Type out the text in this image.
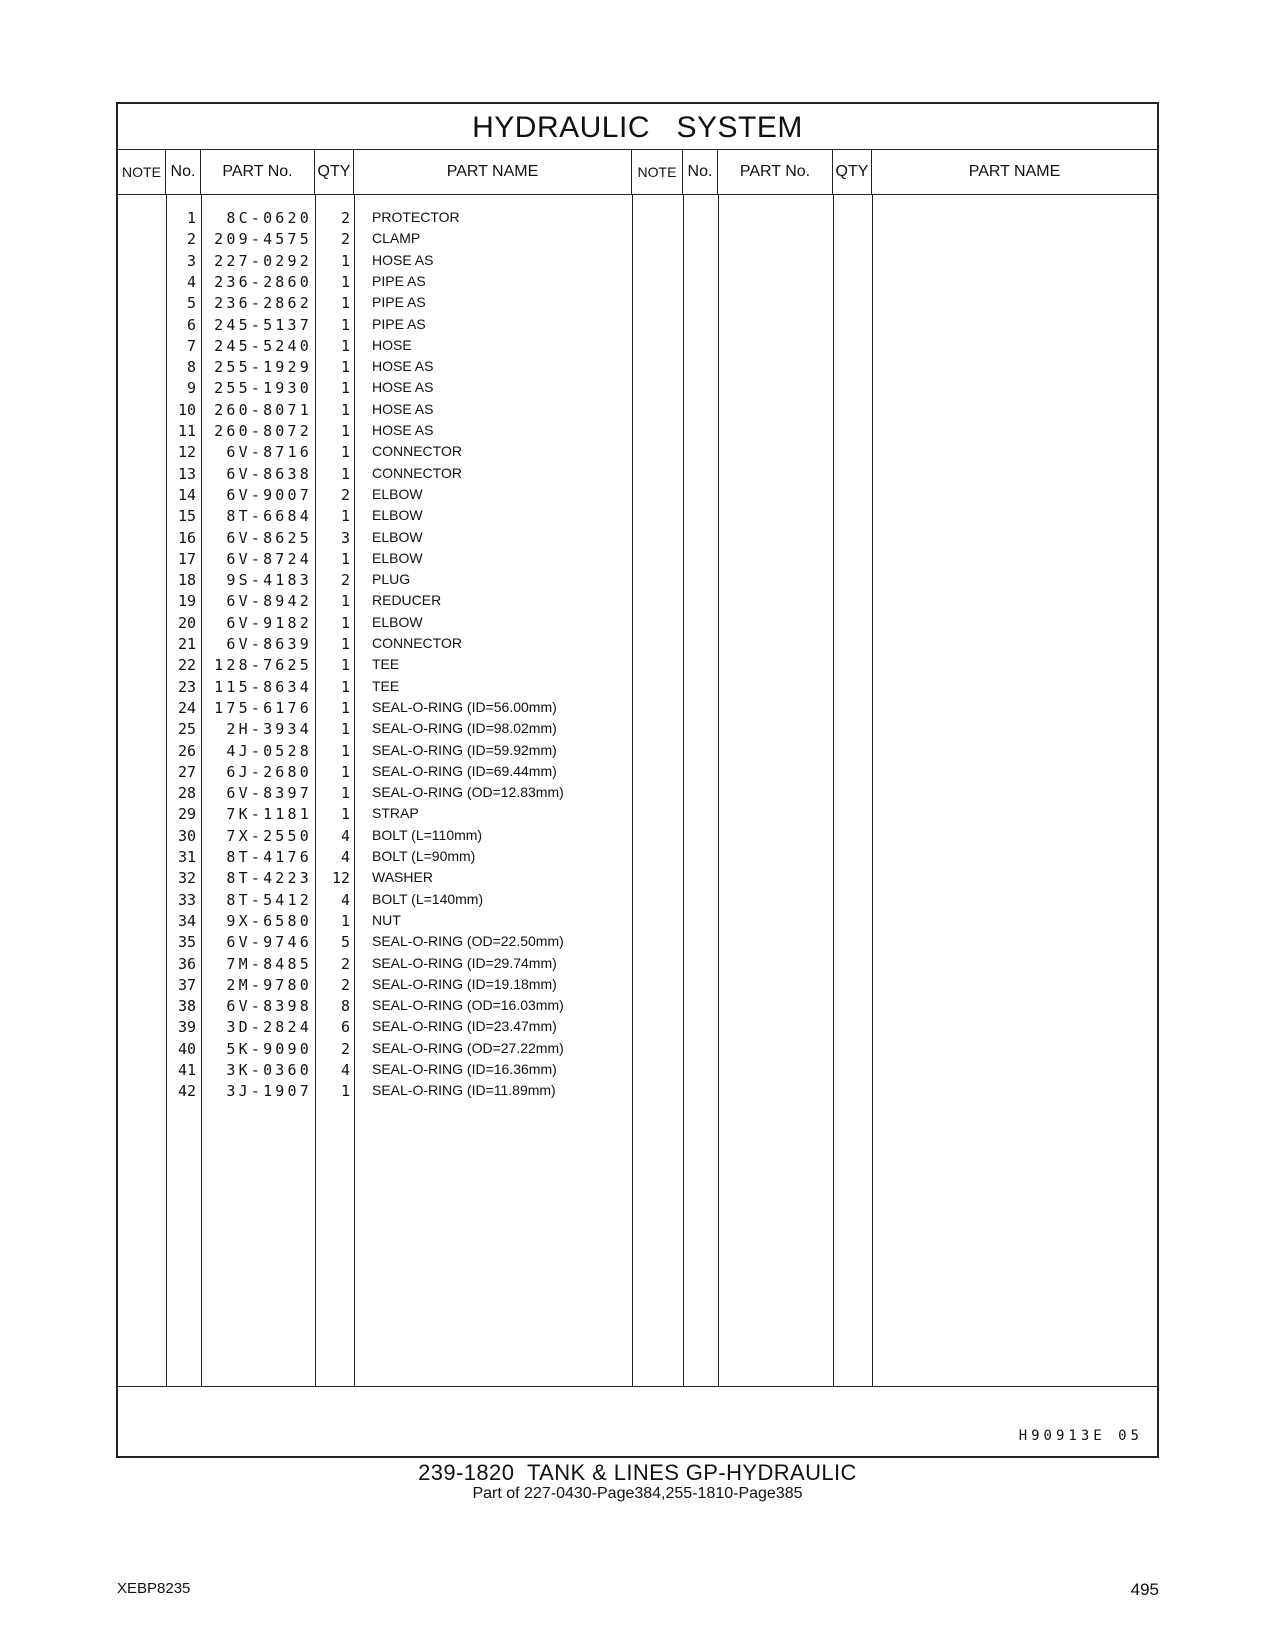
HYDRAULIC   SYSTEM
NOTE No.	PART No.	QTY	PART NAME	NOTE No.	PART No.	QTY	PART NAME
1	8C-0620	2 PROTECTOR
2	209-4575	2 CLAMP
3	227-0292	1 HOSE AS
4	236-2860	1 PIPE AS
5	236-2862	1 PIPE AS
6	245-5137	1 PIPE AS
7	245-5240	1 HOSE
8	255-1929	1 HOSE AS
9	255-1930	1 HOSE AS
10	260-8071	1 HOSE AS
11	260-8072	1 HOSE AS
12	6V-8716	1 CONNECTOR
13	6V-8638	1 CONNECTOR
14	6V-9007	2 ELBOW
15	8T-6684	1 ELBOW
16	6V-8625	3 ELBOW
17	6V-8724	1 ELBOW
18	9S-4183	2 PLUG
19	6V-8942	1 REDUCER
20	6V-9182	1 ELBOW
21	6V-8639	1 CONNECTOR
22	128-7625	1 TEE
23	115-8634	1 TEE
24	175-6176	1 SEAL-O-RING (ID=56.00mm)
25	2H-3934	1 SEAL-O-RING (ID=98.02mm)
26	4J-0528	1 SEAL-O-RING (ID=59.92mm)
27	6J-2680	1 SEAL-O-RING (ID=69.44mm)
28	6V-8397	1 SEAL-O-RING (OD=12.83mm)
29	7K-1181	1 STRAP
30	7X-2550	4 BOLT (L=110mm)
31	8T-4176	4 BOLT (L=90mm)
32	8T-4223	12 WASHER
33	8T-5412	4 BOLT (L=140mm)
34	9X-6580	1 NUT
35	6V-9746	5 SEAL-O-RING (OD=22.50mm)
36	7M-8485	2 SEAL-O-RING (ID=29.74mm)
37	2M-9780	2 SEAL-O-RING (ID=19.18mm)
38	6V-8398	8 SEAL-O-RING (OD=16.03mm)
39	3D-2824	6 SEAL-O-RING (ID=23.47mm)
40	5K-9090	2 SEAL-O-RING (OD=27.22mm)
41	3K-0360	4 SEAL-O-RING (ID=16.36mm)
42	3J-1907	1 SEAL-O-RING (ID=11.89mm)
H90913E 05
239-1820  TANK & LINES GP-HYDRAULIC
Part of 227-0430-Page384,255-1810-Page385
XEBP8235	495
